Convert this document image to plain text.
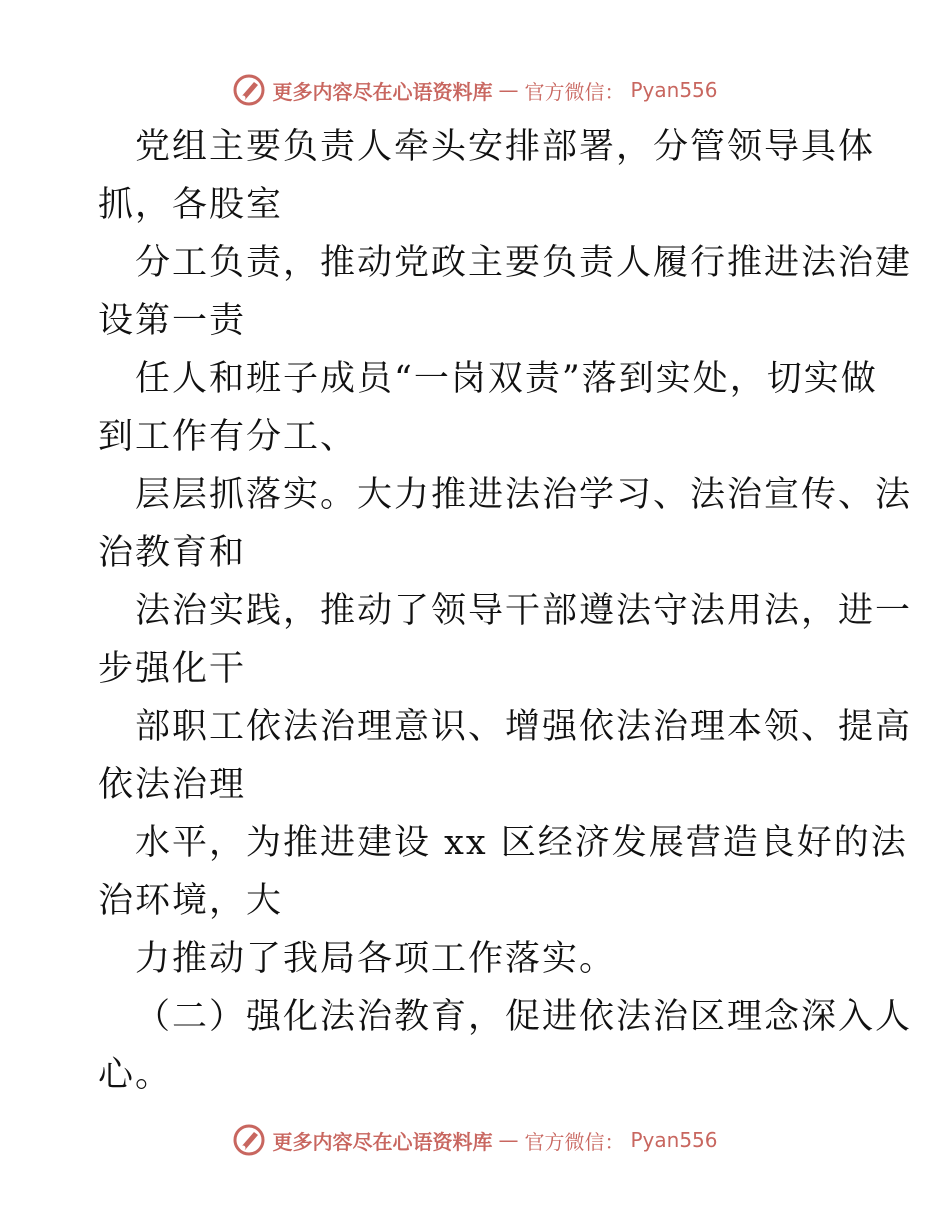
更多内容尽在心语资料库 — 官方微信： Pyan556
党组主要负责人牵头安排部署，分管领导具体
抓，各股室
分工负责，推动党政主要负责人履行推进法治建
设第一责
任人和班子成员“一岗双责”落到实处，切实做
到工作有分工、
层层抓落实。大力推进法治学习、法治宣传、法
治教育和
法治实践，推动了领导干部遵法守法用法，进一
步强化干
部职工依法治理意识、增强依法治理本领、提高
依法治理
水平，为推进建设 xx 区经济发展营造良好的法
治环境，大
力推动了我局各项工作落实。
（二）强化法治教育，促进依法治区理念深入人
心。
更多内容尽在心语资料库 — 官方微信： Pyan556
